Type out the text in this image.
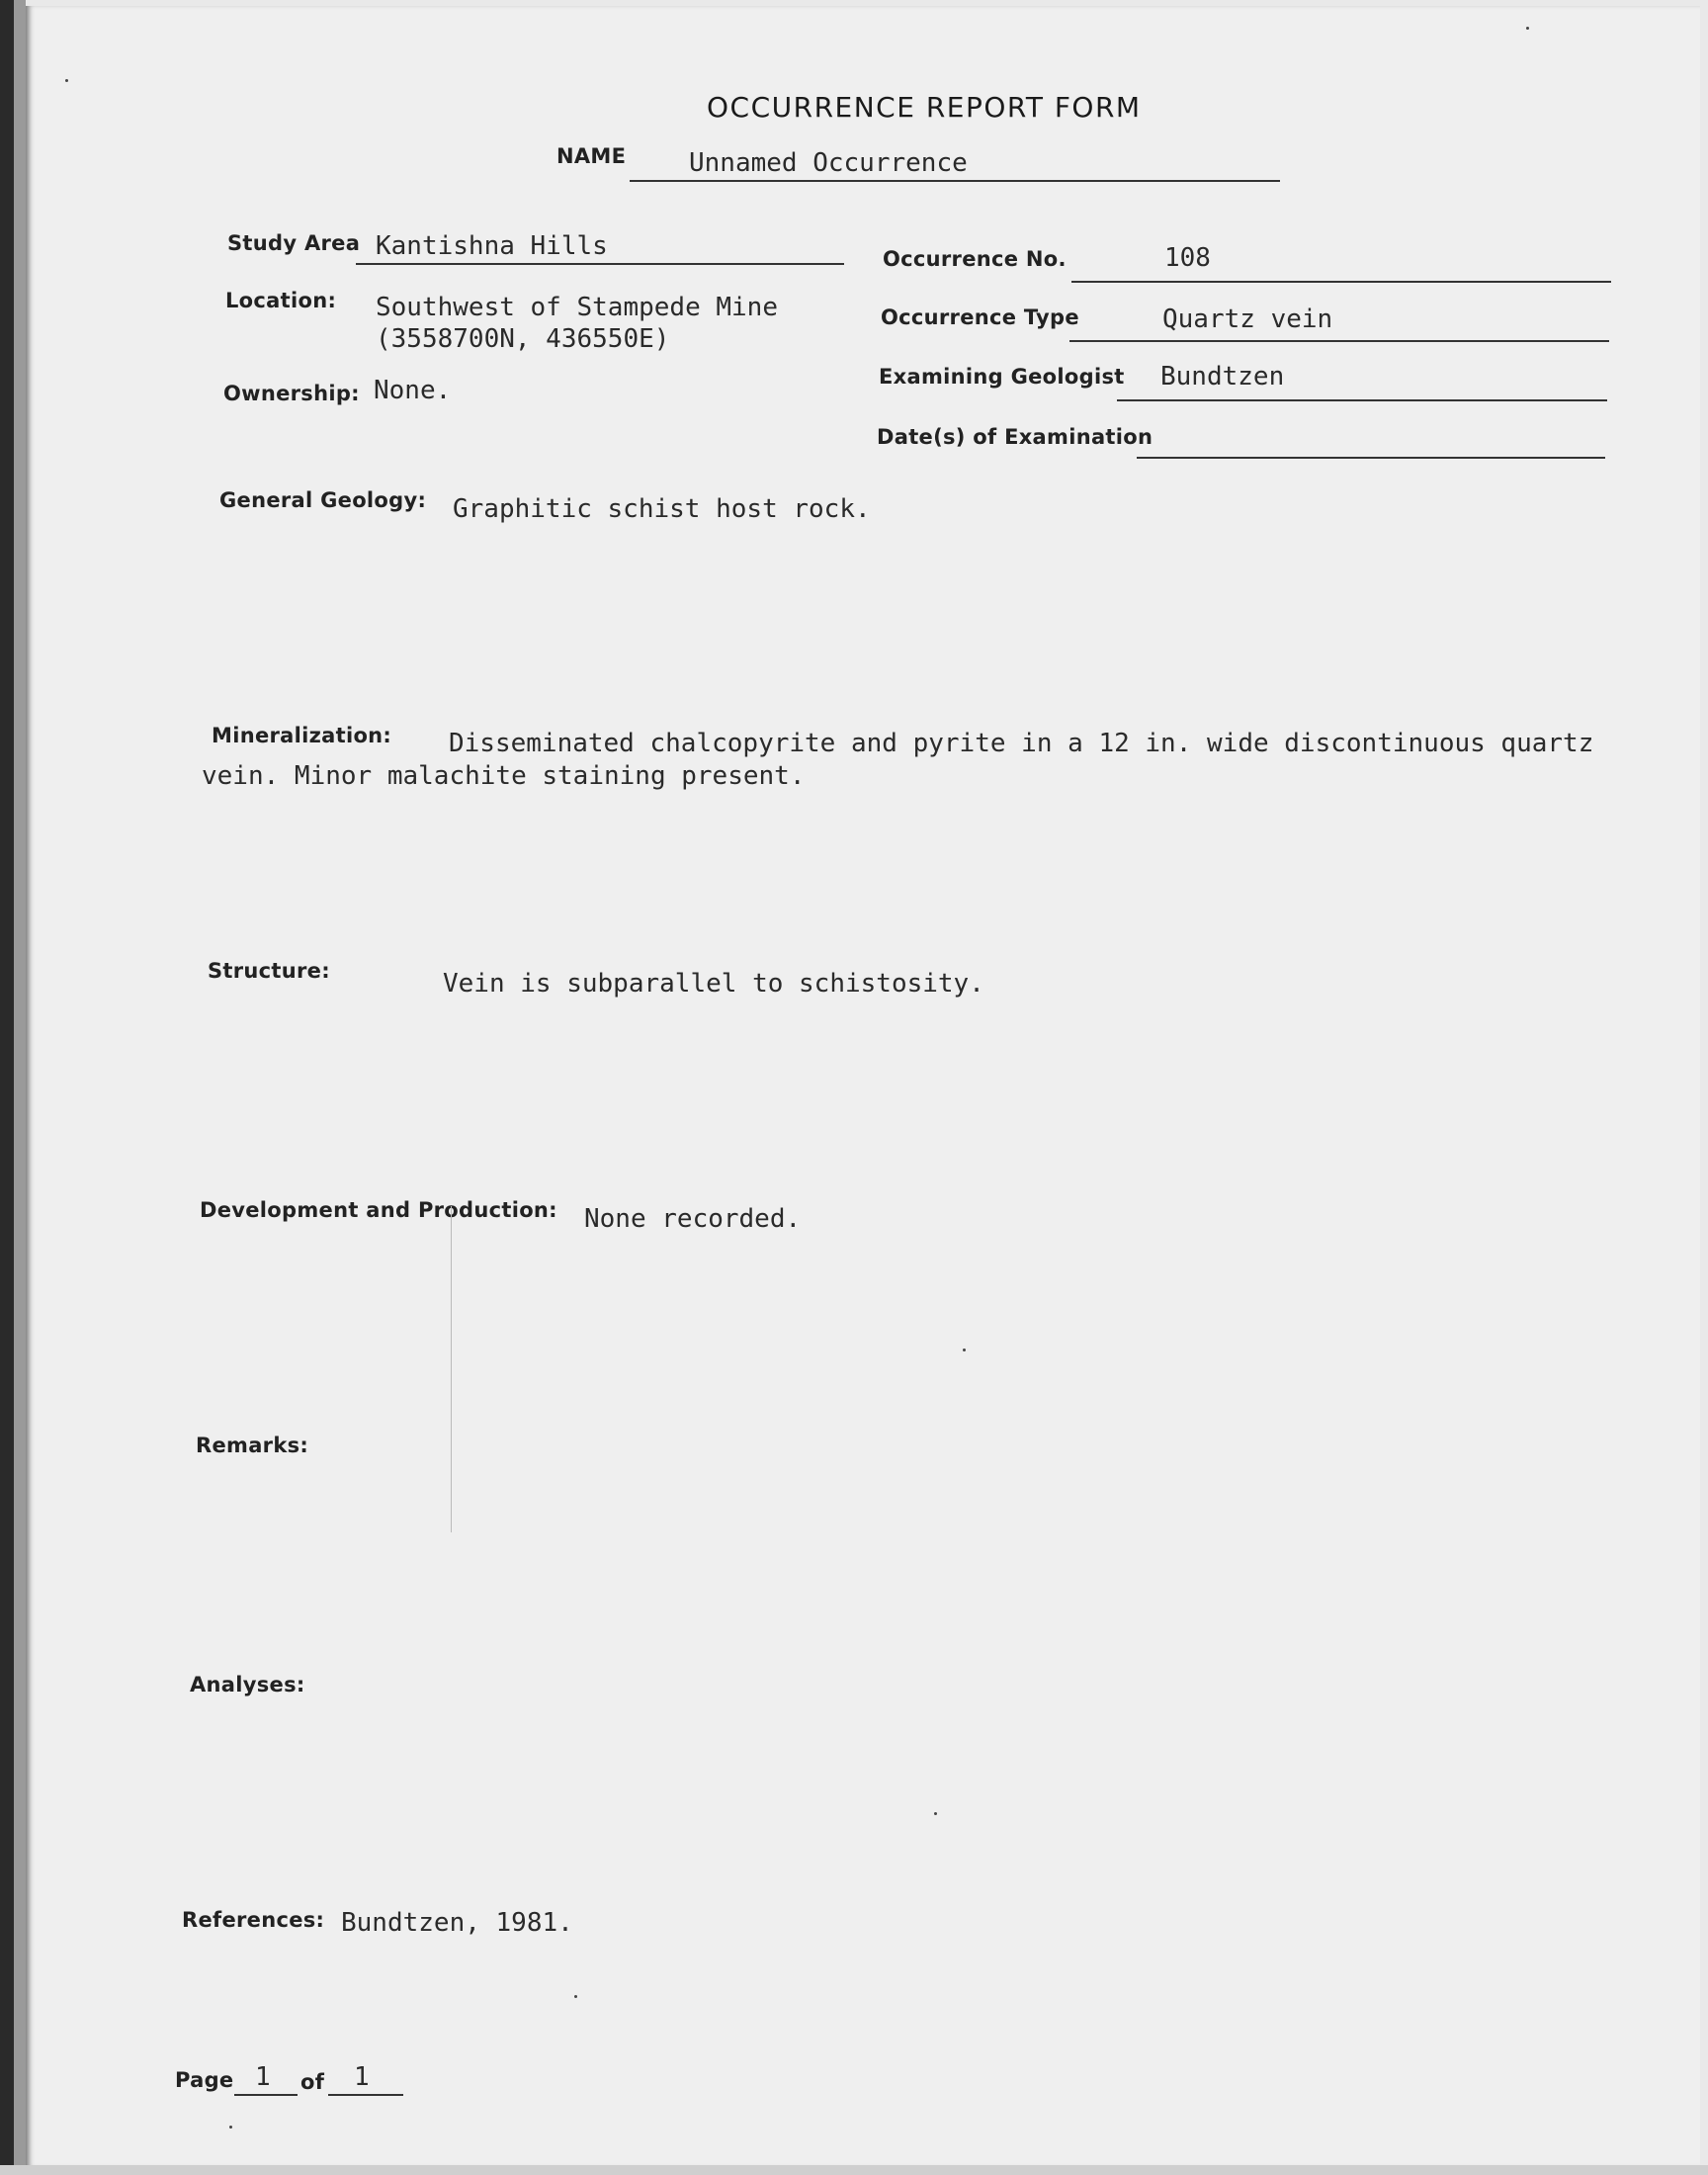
OCCURRENCE REPORT FORM
NAME Unnamed Occurrence
Study Area Kantishna Hills
Location: Southwest of Stampede Mine
(3558700N, 436550E)
Ownership: None.
Occurrence No.	108
Occurrence Type	Quartz vein
Examining Geologist Bundtzen
Date(s) of Examination
General Geology: Graphitic schist host rock.
Mineralization: Disseminated chalcopyrite and pyrite in a 12 in. wide discontinuous quartz
vein. Minor malachite staining present.
Structure:	Vein is subparallel to schistosity.
Development and Production: None recorded.
Remarks:
Analyses:
References: Bundtzen, 1981.
Page 1 of 1
